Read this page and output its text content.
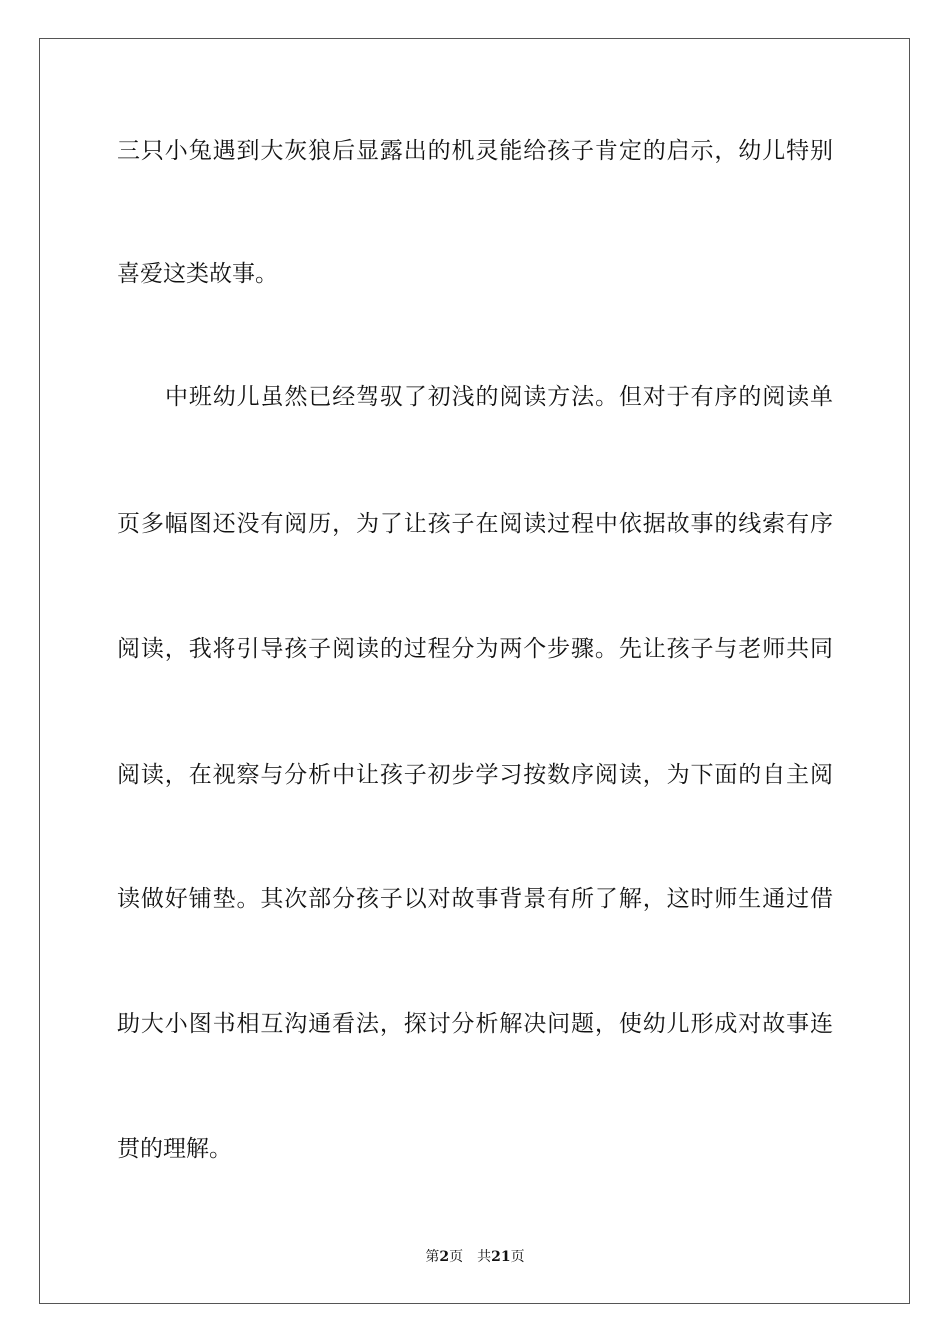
三只小兔遇到大灰狼后显露出的机灵能给孩子肯定的启示，幼儿特别
喜爱这类故事。
中班幼儿虽然已经驾驭了初浅的阅读方法。但对于有序的阅读单
页多幅图还没有阅历，为了让孩子在阅读过程中依据故事的线索有序
阅读，我将引导孩子阅读的过程分为两个步骤。先让孩子与老师共同
阅读，在视察与分析中让孩子初步学习按数序阅读，为下面的自主阅
读做好铺垫。其次部分孩子以对故事背景有所了解，这时师生通过借
助大小图书相互沟通看法，探讨分析解决问题，使幼儿形成对故事连
贯的理解。
第2页 共21页
